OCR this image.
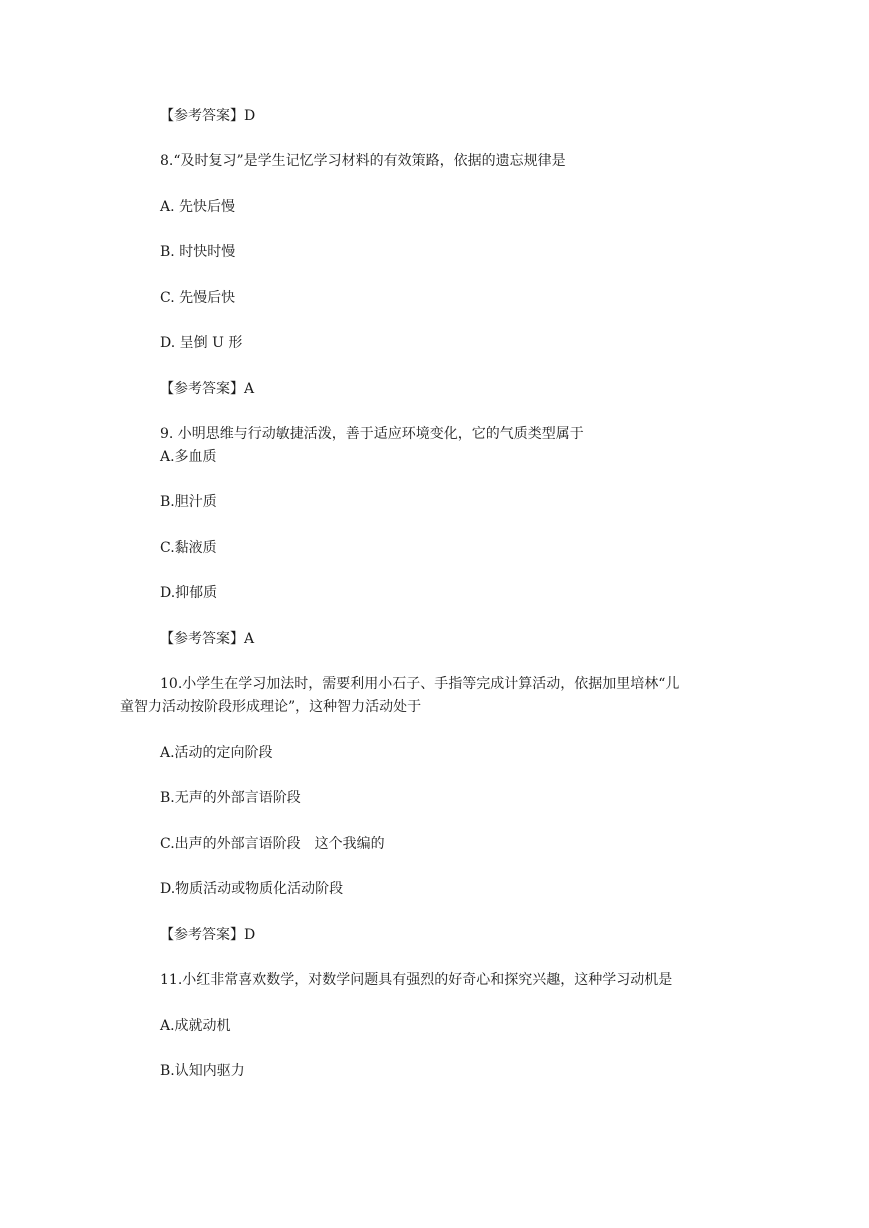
【参考答案】D
8.“及时复习”是学生记忆学习材料的有效策路，依据的遗忘规律是
A. 先快后慢
B. 时快时慢
C. 先慢后快
D. 呈倒 U 形
【参考答案】A
9. 小明思维与行动敏捷活泼，善于适应环境变化，它的气质类型属于
A.多血质
B.胆汁质
C.黏液质
D.抑郁质
【参考答案】A
10.小学生在学习加法时，需要利用小石子、手指等完成计算活动，依据加里培林“儿
童智力活动按阶段形成理论”，这种智力活动处于
A.活动的定向阶段
B.无声的外部言语阶段
C.出声的外部言语阶段　这个我编的
D.物质活动或物质化活动阶段
【参考答案】D
11.小红非常喜欢数学，对数学问题具有强烈的好奇心和探究兴趣，这种学习动机是
A.成就动机
B.认知内驱力
